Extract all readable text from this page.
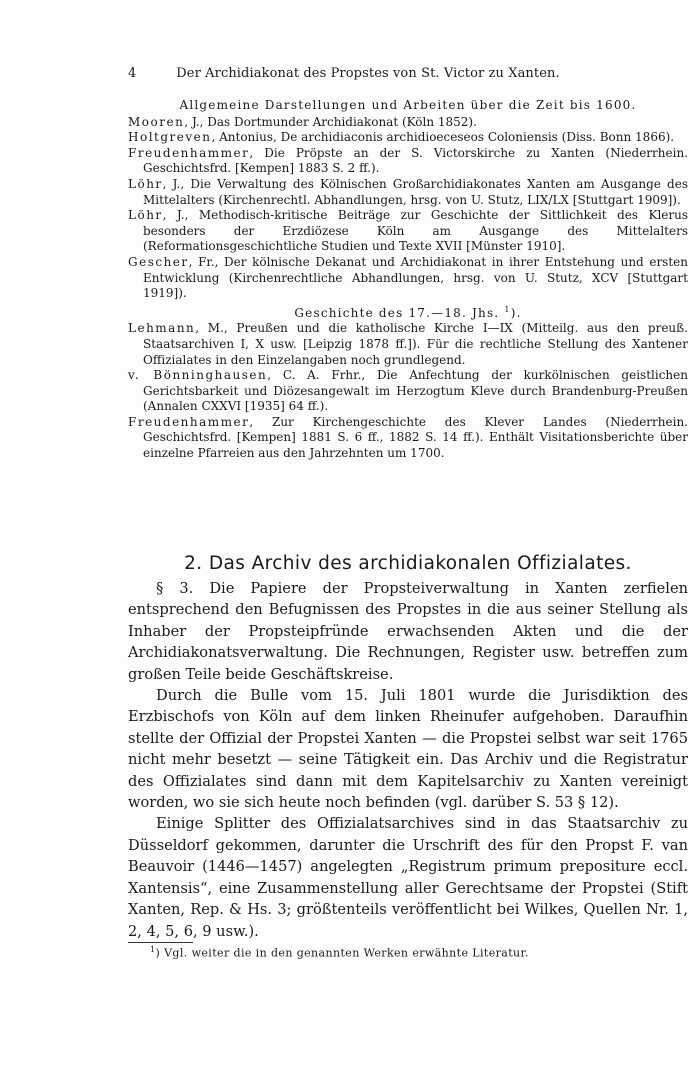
4	Der Archidiakonat des Propstes von St. Victor zu Xanten.
Allgemeine Darstellungen und Arbeiten über die Zeit bis 1600.
Mooren, J., Das Dortmunder Archidiakonat (Köln 1852).
Holtgreven, Antonius, De archidiaconis archidioeceseos Coloniensis (Diss. Bonn 1866).
Freudenhammer, Die Pröpste an der S. Victorskirche zu Xanten (Niederrhein. Geschichtsfrd. [Kempen] 1883 S. 2 ff.).
Löhr, J., Die Verwaltung des Kölnischen Großarchidiakonates Xanten am Ausgange des Mittelalters (Kirchenrechtl. Abhandlungen, hrsg. von U. Stutz, LIX/LX [Stuttgart 1909]).
Löhr, J., Methodisch-kritische Beiträge zur Geschichte der Sittlichkeit des Klerus besonders der Erzdiözese Köln am Ausgange des Mittelalters (Reformationsgeschichtliche Studien und Texte XVII [Münster 1910].
Gescher, Fr., Der kölnische Dekanat und Archidiakonat in ihrer Entstehung und ersten Entwicklung (Kirchenrechtliche Abhandlungen, hrsg. von U. Stutz, XCV [Stuttgart 1919]).
Geschichte des 17.—18. Jhs. $^1$).
Lehmann, M., Preußen und die katholische Kirche I—IX (Mitteilg. aus den preuß. Staatsarchiven I, X usw. [Leipzig 1878 ff.]). Für die rechtliche Stellung des Xantener Offizialates in den Einzelangaben noch grundlegend.
v. Bönninghausen, C. A. Frhr., Die Anfechtung der kurkölnischen geistlichen Gerichtsbarkeit und Diözesangewalt im Herzogtum Kleve durch Brandenburg-Preußen (Annalen CXXVI [1935] 64 ff.).
Freudenhammer, Zur Kirchengeschichte des Klever Landes (Niederrhein. Geschichtsfrd. [Kempen] 1881 S. 6 ff., 1882 S. 14 ff.). Enthält Visitationsberichte über einzelne Pfarreien aus den Jahrzehnten um 1700.
2. Das Archiv des archidiakonalen Offizialates.

§ 3. Die Papiere der Propsteiverwaltung in Xanten zerfielen entsprechend den Befugnissen des Propstes in die aus seiner Stellung als Inhaber der Propsteipfründe erwachsenden Akten und die der Archidiakonatsverwaltung. Die Rechnungen, Register usw. betreffen zum großen Teile beide Geschäftskreise.

Durch die Bulle vom 15. Juli 1801 wurde die Jurisdiktion des Erzbischofs von Köln auf dem linken Rheinufer aufgehoben. Daraufhin stellte der Offizial der Propstei Xanten — die Propstei selbst war seit 1765 nicht mehr besetzt — seine Tätigkeit ein. Das Archiv und die Registratur des Offizialates sind dann mit dem Kapitelsarchiv zu Xanten vereinigt worden, wo sie sich heute noch befinden (vgl. darüber S. 53 § 12).

Einige Splitter des Offizialatsarchives sind in das Staatsarchiv zu Düsseldorf gekommen, darunter die Urschrift des für den Propst F. van Beauvoir (1446—1457) angelegten „Registrum primum prepositure eccl. Xantensis“, eine Zusammenstellung aller Gerechtsame der Propstei (Stift Xanten, Rep. & Hs. 3; größtenteils veröffentlicht bei Wilkes, Quellen Nr. 1, 2, 4, 5, 6, 9 usw.).

$^1$) Vgl. weiter die in den genannten Werken erwähnte Literatur.
